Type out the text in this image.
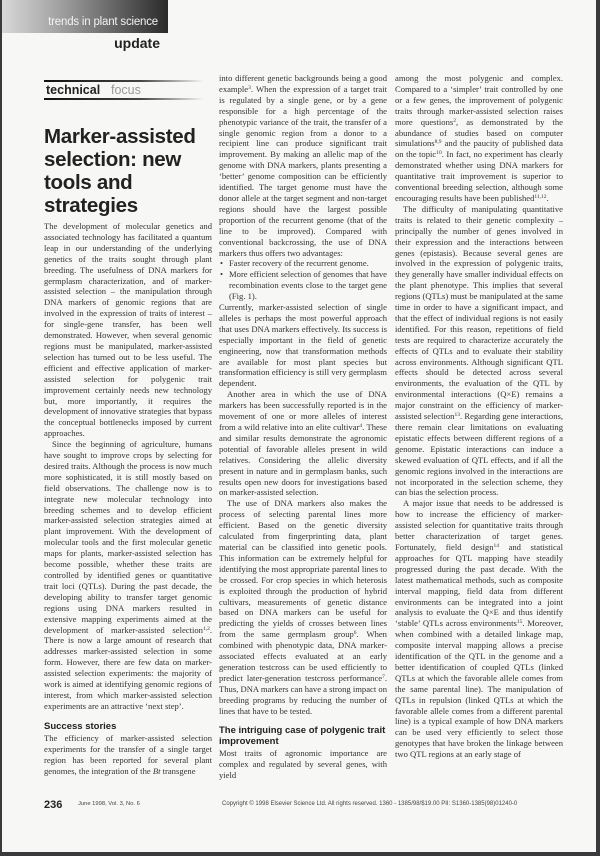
trends in plant science

update

technical focus
Marker-assisted selection: new tools and strategies

The development of molecular genetics and associated technology has facilitated a quantum leap in our understanding of the underlying genetics of the traits sought through plant breeding. The usefulness of DNA markers for germplasm characterization, and of marker-assisted selection – the manipulation through DNA markers of genomic regions that are involved in the expression of traits of interest – for single-gene transfer, has been well demonstrated. However, when several genomic regions must be manipulated, marker-assisted selection has turned out to be less useful. The efficient and effective application of marker-assisted selection for polygenic trait improvement certainly needs new technology but, more importantly, it requires the development of innovative strategies that bypass the conceptual bottlenecks imposed by current approaches.

Since the beginning of agriculture, humans have sought to improve crops by selecting for desired traits. Although the process is now much more sophisticated, it is still mostly based on field observations. The challenge now is to integrate new molecular technology into breeding schemes and to develop efficient marker-assisted selection strategies aimed at plant improvement. With the development of molecular tools and the first molecular genetic maps for plants, marker-assisted selection has become possible, whether these traits are controlled by identified genes or quantitative trait loci (QTLs). During the past decade, the developing ability to transfer target genomic regions using DNA markers resulted in extensive mapping experiments aimed at the development of marker-assisted selection$^{1,2}$. There is now a large amount of research that addresses marker-assisted selection in some form. However, there are few data on marker-assisted selection experiments: the majority of work is aimed at identifying genomic regions of interest, from which marker-assisted selection experiments are an attractive ‘next step’.

Success stories

The efficiency of marker-assisted selection experiments for the transfer of a single target region has been reported for several plant genomes, the integration of the Bt transgene

into different genetic backgrounds being a good example$^3$. When the expression of a target trait is regulated by a single gene, or by a gene responsible for a high percentage of the phenotypic variance of the trait, the transfer of a single genomic region from a donor to a recipient line can produce significant trait improvement. By making an allelic map of the genome with DNA markers, plants presenting a ‘better’ genome composition can be efficiently identified. The target genome must have the donor allele at the target segment and non-target regions should have the largest possible proportion of the recurrent genome (that of the line to be improved). Compared with conventional backcrossing, the use of DNA markers thus offers two advantages:

• Faster recovery of the recurrent genome.
• More efficient selection of genomes that have recombination events close to the target gene (Fig. 1).

Currently, marker-assisted selection of single alleles is perhaps the most powerful approach that uses DNA markers effectively. Its success is especially important in the field of genetic engineering, now that transformation methods are available for most plant species but transformation efficiency is still very germplasm dependent.

Another area in which the use of DNA markers has been successfully reported is in the movement of one or more alleles of interest from a wild relative into an elite cultivar$^4$. These and similar results demonstrate the agronomic potential of favorable alleles present in wild relatives. Considering the allelic diversity present in nature and in germplasm banks, such results open new doors for investigations based on marker-assisted selection.

The use of DNA markers also makes the process of selecting parental lines more efficient. Based on the genetic diversity calculated from fingerprinting data, plant material can be classified into genetic pools. This information can be extremely helpful for identifying the most appropriate parental lines to be crossed. For crop species in which heterosis is exploited through the production of hybrid cultivars, measurements of genetic distance based on DNA markers can be useful for predicting the yields of crosses between lines from the same germplasm group$^6$. When combined with phenotypic data, DNA marker-associated effects evaluated at an early generation testcross can be used efficiently to predict later-generation testcross performance$^7$. Thus, DNA markers can have a strong impact on breeding programs by reducing the number of lines that have to be tested.

The intriguing case of polygenic trait improvement

Most traits of agronomic importance are complex and regulated by several genes, with yield

among the most polygenic and complex. Compared to a ‘simpler’ trait controlled by one or a few genes, the improvement of polygenic traits through marker-assisted selection raises more questions$^2$, as demonstrated by the abundance of studies based on computer simulations$^{8,9}$ and the paucity of published data on the topic$^{10}$. In fact, no experiment has clearly demonstrated whether using DNA markers for quantitative trait improvement is superior to conventional breeding selection, although some encouraging results have been published$^{11,12}$.

The difficulty of manipulating quantitative traits is related to their genetic complexity – principally the number of genes involved in their expression and the interactions between genes (epistasis). Because several genes are involved in the expression of polygenic traits, they generally have smaller individual effects on the plant phenotype. This implies that several regions (QTLs) must be manipulated at the same time in order to have a significant impact, and that the effect of individual regions is not easily identified. For this reason, repetitions of field tests are required to characterize accurately the effects of QTLs and to evaluate their stability across environments. Although significant QTL effects should be detected across several environments, the evaluation of the QTL by environmental interactions (Q×E) remains a major constraint on the efficiency of marker-assisted selection$^{13}$. Regarding gene interactions, there remain clear limitations on evaluating epistatic effects between different regions of a genome. Epistatic interactions can induce a skewed evaluation of QTL effects, and if all the genomic regions involved in the interactions are not incorporated in the selection scheme, they can bias the selection process.

A major issue that needs to be addressed is how to increase the efficiency of marker-assisted selection for quantitative traits through better characterization of target genes. Fortunately, field design$^{14}$ and statistical approaches for QTL mapping have steadily progressed during the past decade. With the latest mathematical methods, such as composite interval mapping, field data from different environments can be integrated into a joint analysis to evaluate the Q×E and thus identify ‘stable’ QTLs across environments$^{15}$. Moreover, when combined with a detailed linkage map, composite interval mapping allows a precise identification of the QTL in the genome and a better identification of coupled QTLs (linked QTLs at which the favorable allele comes from the same parental line). The manipulation of QTLs in repulsion (linked QTLs at which the favorable allele comes from a different parental line) is a typical example of how DNA markers can be used very efficiently to select those genotypes that have broken the linkage between two QTL regions at an early stage of

236	June 1998, Vol. 3, No. 6	Copyright © 1998 Elsevier Science Ltd. All rights reserved. 1360 - 1385/98/$19.00 PII: S1360-1385(98)01240-0
